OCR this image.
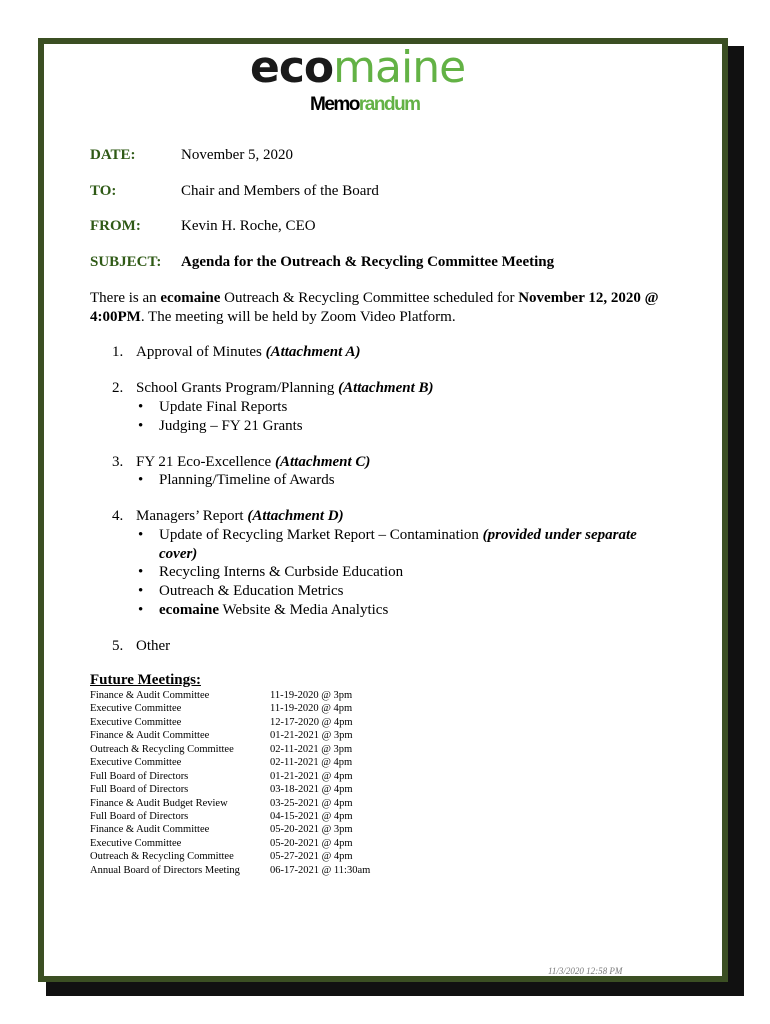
eco maine
Memorandum
DATE:	November 5, 2020
TO:	Chair and Members of the Board
FROM:	Kevin H. Roche, CEO
SUBJECT: Agenda for the Outreach & Recycling Committee Meeting
There is an ecomaine Outreach & Recycling Committee scheduled for November 12, 2020 @ 4:00PM. The meeting will be held by Zoom Video Platform.
1. Approval of Minutes (Attachment A)
2. School Grants Program/Planning (Attachment B)
• Update Final Reports
• Judging – FY 21 Grants
3. FY 21 Eco-Excellence (Attachment C)
• Planning/Timeline of Awards
4. Managers’ Report (Attachment D)
• Update of Recycling Market Report – Contamination (provided under separate cover)
• Recycling Interns & Curbside Education
• Outreach & Education Metrics
• ecomaine Website & Media Analytics
5. Other
Future Meetings:
Finance & Audit Committee	11-19-2020 @ 3pm
Executive Committee	11-19-2020 @ 4pm
Executive Committee	12-17-2020 @ 4pm
Finance & Audit Committee	01-21-2021 @ 3pm
Outreach & Recycling Committee	02-11-2021 @ 3pm
Executive Committee	02-11-2021 @ 4pm
Full Board of Directors	01-21-2021 @ 4pm
Full Board of Directors	03-18-2021 @ 4pm
Finance & Audit Budget Review	03-25-2021 @ 4pm
Full Board of Directors	04-15-2021 @ 4pm
Finance & Audit Committee	05-20-2021 @ 3pm
Executive Committee	05-20-2021 @ 4pm
Outreach & Recycling Committee	05-27-2021 @ 4pm
Annual Board of Directors Meeting	06-17-2021 @ 11:30am
11/3/2020 12:58 PM
